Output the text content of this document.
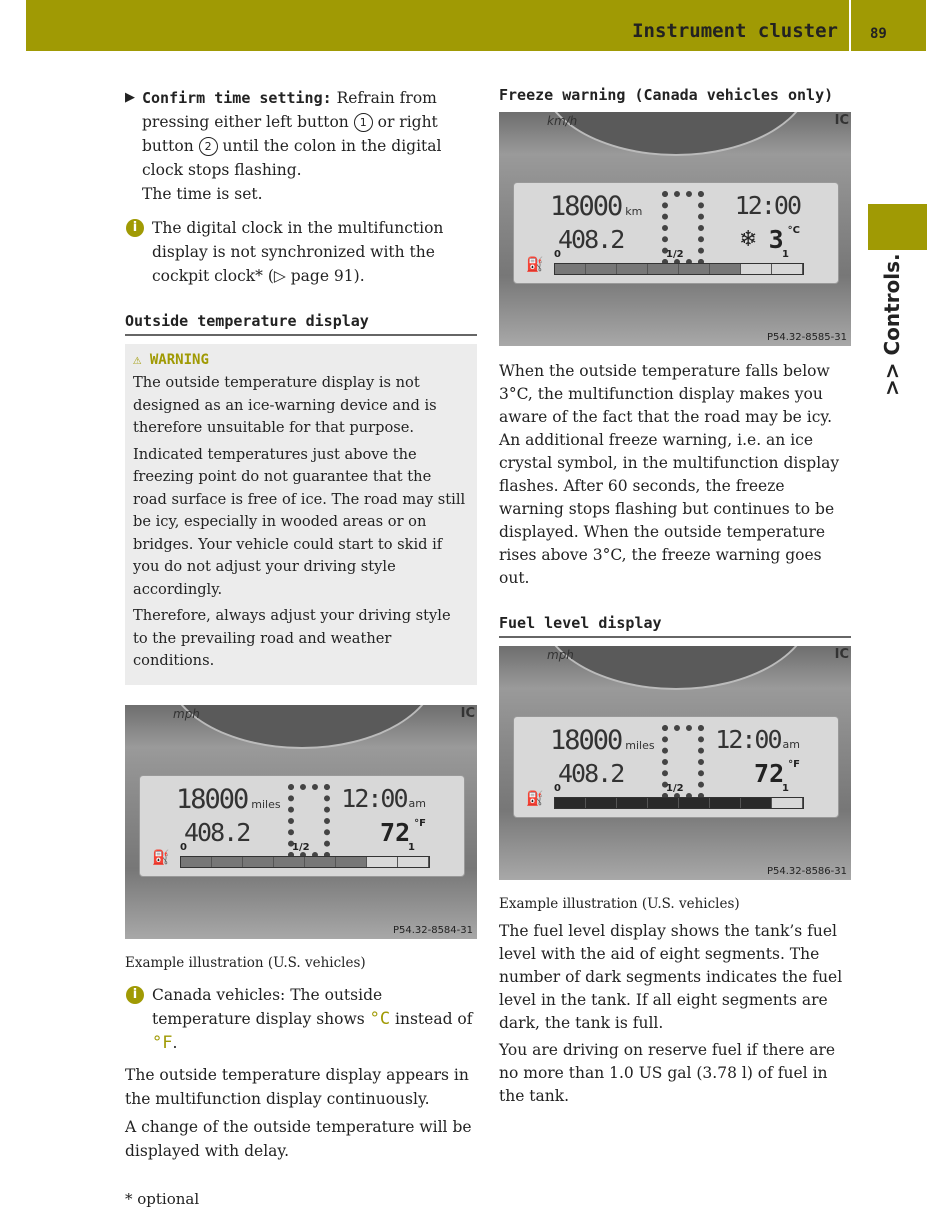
Instrument cluster 89
>> Controls.

▶ Confirm time setting: Refrain from pressing either left button 1 or right button 2 until the colon in the digital clock stops flashing.
The time is set.

i The digital clock in the multifunction display is not synchronized with the cockpit clock* (▷ page 91).

Outside temperature display
⚠ WARNING

The outside temperature display is not designed as an ice-warning device and is therefore unsuitable for that purpose.

Indicated temperatures just above the freezing point do not guarantee that the road surface is free of ice. The road may still be icy, especially in wooded areas or on bridges. Your vehicle could start to skid if you do not adjust your driving style accordingly.

Therefore, always adjust your driving style to the prevailing road and weather conditions.

mph	IC
18000 miles
408.2
12:00 am
72 $^{^\circ F}$
⛽
0	1/2	1
P54.32-8584-31

Example illustration (U.S. vehicles)

i Canada vehicles: The outside temperature display shows °C instead of °F.

The outside temperature display appears in the multifunction display continuously.

A change of the outside temperature will be displayed with delay.

Freeze warning (Canada vehicles only)
km/h	IC
18000 km
408.2
12:00
❄ 3 $^{^\circ C}$
⛽
0	1/2	1
P54.32-8585-31

When the outside temperature falls below 3°C, the multifunction display makes you aware of the fact that the road may be icy. An additional freeze warning, i.e. an ice crystal symbol, in the multifunction display flashes. After 60 seconds, the freeze warning stops flashing but continues to be displayed. When the outside temperature rises above 3°C, the freeze warning goes out.

Fuel level display
mph	IC
18000 miles
408.2
12:00 am
72 $^{^\circ F}$
⛽
0	1/2	1
P54.32-8586-31

Example illustration (U.S. vehicles)

The fuel level display shows the tank’s fuel level with the aid of eight segments. The number of dark segments indicates the fuel level in the tank. If all eight segments are dark, the tank is full.

You are driving on reserve fuel if there are no more than 1.0 US gal (3.78 l) of fuel in the tank.

* optional
